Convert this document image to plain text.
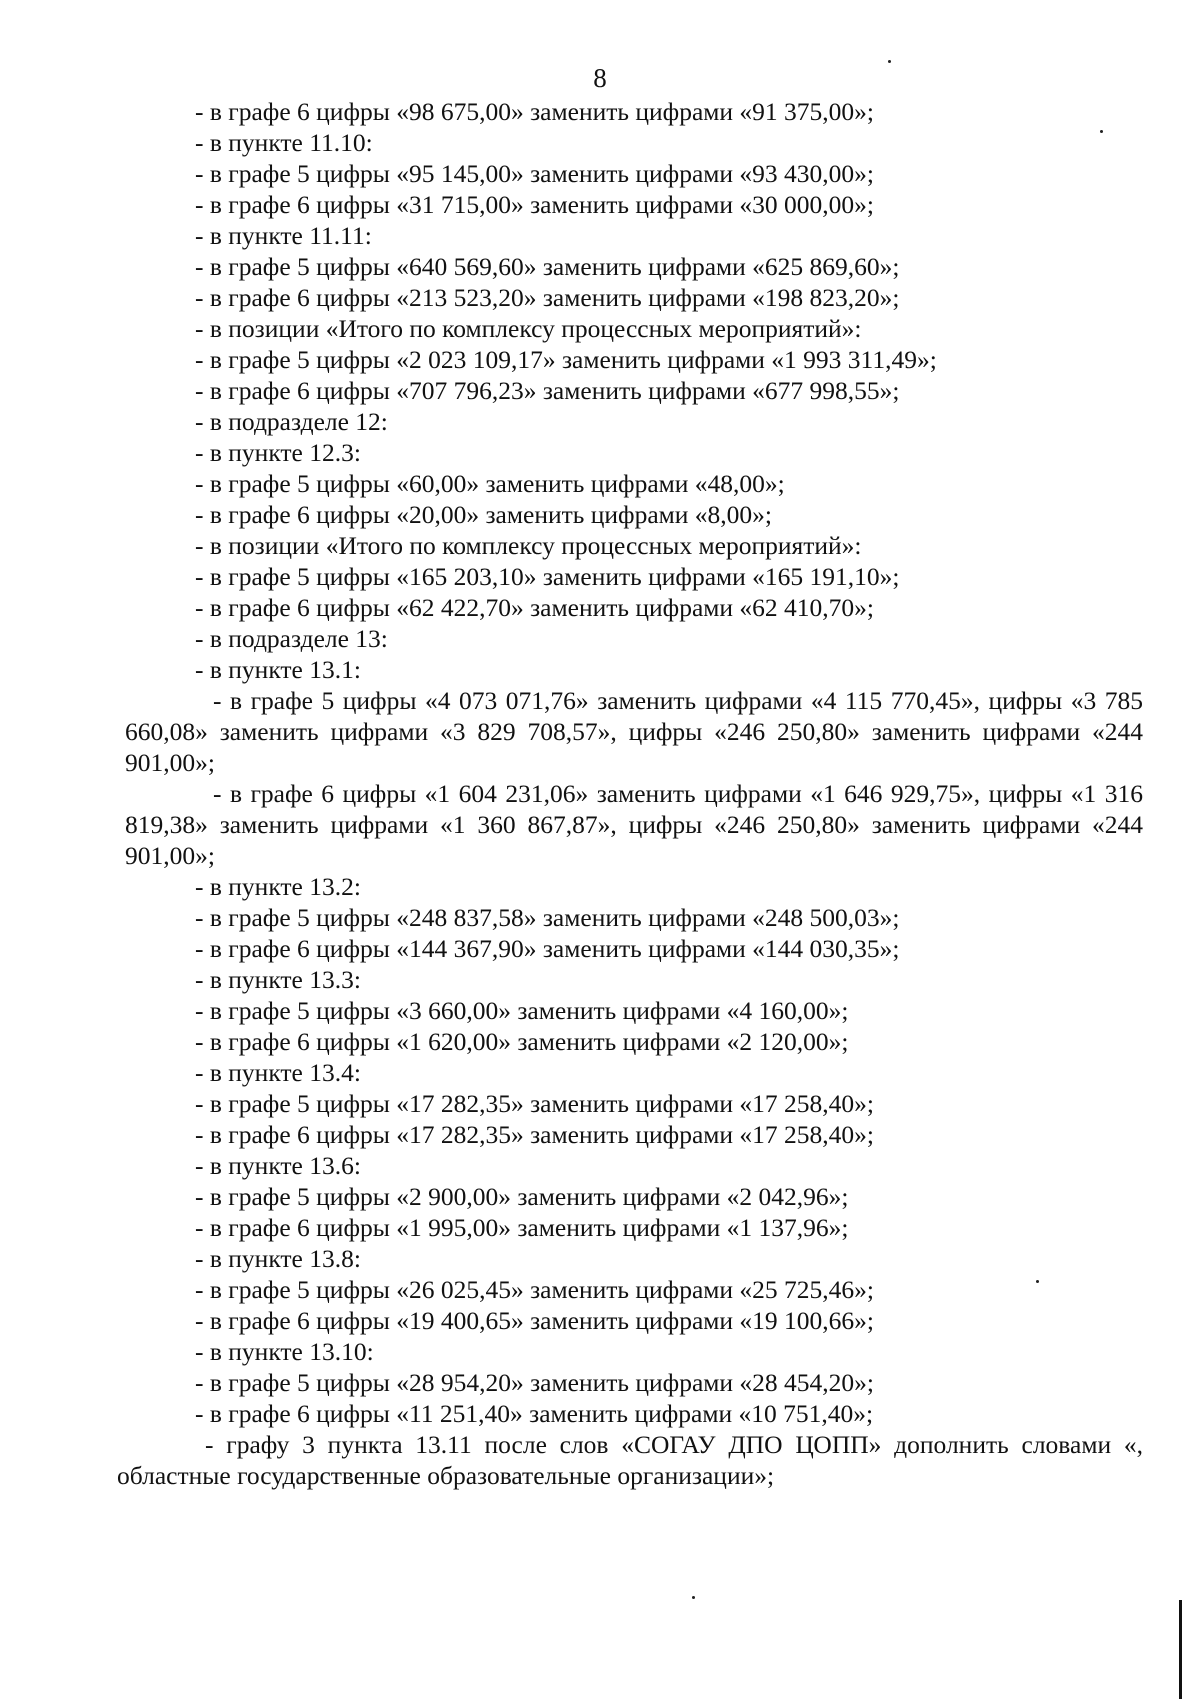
8

- в графе 6 цифры «98 675,00» заменить цифрами «91 375,00»;

- в пункте 11.10:

- в графе 5 цифры «95 145,00» заменить цифрами «93 430,00»;

- в графе 6 цифры «31 715,00» заменить цифрами «30 000,00»;

- в пункте 11.11:

- в графе 5 цифры «640 569,60» заменить цифрами «625 869,60»;

- в графе 6 цифры «213 523,20» заменить цифрами «198 823,20»;

- в позиции «Итого по комплексу процессных мероприятий»:

- в графе 5 цифры «2 023 109,17» заменить цифрами «1 993 311,49»;

- в графе 6 цифры «707 796,23» заменить цифрами «677 998,55»;

- в подразделе 12:

- в пункте 12.3:

- в графе 5 цифры «60,00» заменить цифрами «48,00»;

- в графе 6 цифры «20,00» заменить цифрами «8,00»;

- в позиции «Итого по комплексу процессных мероприятий»:

- в графе 5 цифры «165 203,10» заменить цифрами «165 191,10»;

- в графе 6 цифры «62 422,70» заменить цифрами «62 410,70»;

- в подразделе 13:

- в пункте 13.1:

- в графе 5 цифры «4 073 071,76» заменить цифрами «4 115 770,45», цифры «3 785 660,08» заменить цифрами «3 829 708,57», цифры «246 250,80» заменить цифрами «244 901,00»;

- в графе 6 цифры «1 604 231,06» заменить цифрами «1 646 929,75», цифры «1 316 819,38» заменить цифрами «1 360 867,87», цифры «246 250,80» заменить цифрами «244 901,00»;

- в пункте 13.2:

- в графе 5 цифры «248 837,58» заменить цифрами «248 500,03»;

- в графе 6 цифры «144 367,90» заменить цифрами «144 030,35»;

- в пункте 13.3:

- в графе 5 цифры «3 660,00» заменить цифрами «4 160,00»;

- в графе 6 цифры «1 620,00» заменить цифрами «2 120,00»;

- в пункте 13.4:

- в графе 5 цифры «17 282,35» заменить цифрами «17 258,40»;

- в графе 6 цифры «17 282,35» заменить цифрами «17 258,40»;

- в пункте 13.6:

- в графе 5 цифры «2 900,00» заменить цифрами «2 042,96»;

- в графе 6 цифры «1 995,00» заменить цифрами «1 137,96»;

- в пункте 13.8:

- в графе 5 цифры «26 025,45» заменить цифрами «25 725,46»;

- в графе 6 цифры «19 400,65» заменить цифрами «19 100,66»;

- в пункте 13.10:

- в графе 5 цифры «28 954,20» заменить цифрами «28 454,20»;

- в графе 6 цифры «11 251,40» заменить цифрами «10 751,40»;

- графу 3 пункта 13.11 после слов «СОГАУ ДПО ЦОПП» дополнить словами «, областные государственные образовательные организации»;
